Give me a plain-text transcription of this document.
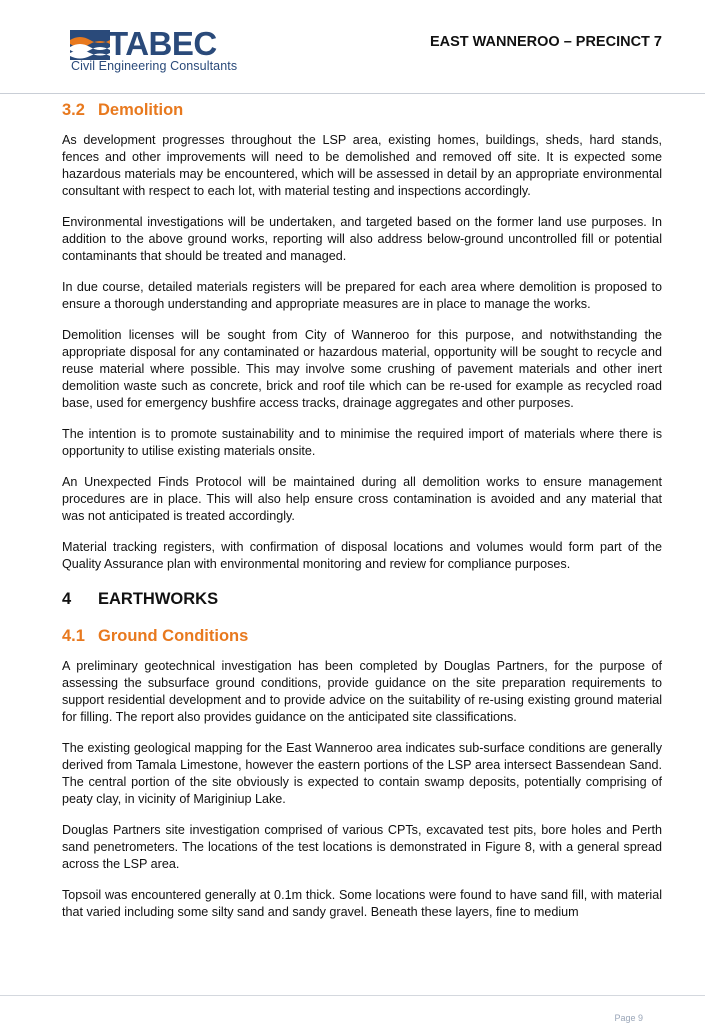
TABEC
Civil Engineering Consultants
EAST WANNEROO – PRECINCT 7
3.2 Demolition

As development progresses throughout the LSP area, existing homes, buildings, sheds, hard stands, fences and other improvements will need to be demolished and removed off site. It is expected some hazardous materials may be encountered, which will be assessed in detail by an appropriate environmental consultant with respect to each lot, with material testing and inspections accordingly.

Environmental investigations will be undertaken, and targeted based on the former land use purposes. In addition to the above ground works, reporting will also address below-ground uncontrolled fill or potential contaminants that should be treated and managed.

In due course, detailed materials registers will be prepared for each area where demolition is proposed to ensure a thorough understanding and appropriate measures are in place to manage the works.

Demolition licenses will be sought from City of Wanneroo for this purpose, and notwithstanding the appropriate disposal for any contaminated or hazardous material, opportunity will be sought to recycle and reuse material where possible. This may involve some crushing of pavement materials and other inert demolition waste such as concrete, brick and roof tile which can be re-used for example as recycled road base, used for emergency bushfire access tracks, drainage aggregates and other purposes.

The intention is to promote sustainability and to minimise the required import of materials where there is opportunity to utilise existing materials onsite.

An Unexpected Finds Protocol will be maintained during all demolition works to ensure management procedures are in place. This will also help ensure cross contamination is avoided and any material that was not anticipated is treated accordingly.

Material tracking registers, with confirmation of disposal locations and volumes would form part of the Quality Assurance plan with environmental monitoring and review for compliance purposes.

4 EARTHWORKS
4.1 Ground Conditions

A preliminary geotechnical investigation has been completed by Douglas Partners, for the purpose of assessing the subsurface ground conditions, provide guidance on the site preparation requirements to support residential development and to provide advice on the suitability of re-using existing ground material for filling. The report also provides guidance on the anticipated site classifications.

The existing geological mapping for the East Wanneroo area indicates sub-surface conditions are generally derived from Tamala Limestone, however the eastern portions of the LSP area intersect Bassendean Sand. The central portion of the site obviously is expected to contain swamp deposits, potentially comprising of peaty clay, in vicinity of Mariginiup Lake.

Douglas Partners site investigation comprised of various CPTs, excavated test pits, bore holes and Perth sand penetrometers. The locations of the test locations is demonstrated in Figure 8, with a general spread across the LSP area.

Topsoil was encountered generally at 0.1m thick. Some locations were found to have sand fill, with material that varied including some silty sand and sandy gravel. Beneath these layers, fine to medium

Page 9
